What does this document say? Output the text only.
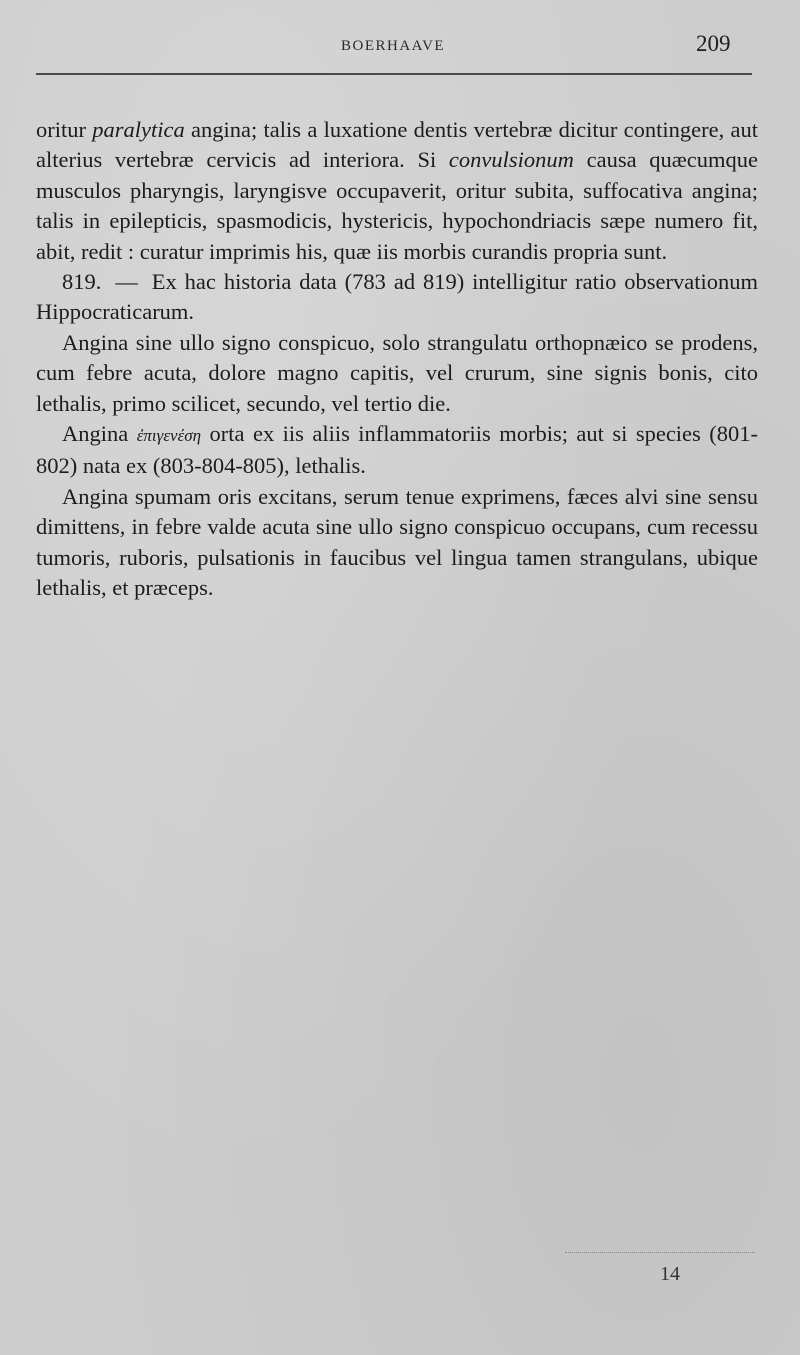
BOERHAAVE	209

oritur paralytica angina; talis a luxatione dentis vertebræ dicitur contingere, aut alterius vertebræ cervicis ad interiora. Si convulsionum causa quæcumque musculos pharyngis, laryngisve occupaverit, oritur subita, suffocativa angina; talis in epilepticis, spasmodicis, hystericis, hypochondriacis sæpe numero fit, abit, redit : curatur imprimis his, quæ iis morbis curandis propria sunt.

819. — Ex hac historia data (783 ad 819) intelligitur ratio observationum Hippocraticarum.

Angina sine ullo signo conspicuo, solo strangulatu orthopnæico se prodens, cum febre acuta, dolore magno capitis, vel crurum, sine signis bonis, cito lethalis, primo scilicet, secundo, vel tertio die.

Angina ἐπιγενέση orta ex iis aliis inflammatoriis morbis; aut si species (801-802) nata ex (803-804-805), lethalis.

Angina spumam oris excitans, serum tenue exprimens, fæces alvi sine sensu dimittens, in febre valde acuta sine ullo signo conspicuo occupans, cum recessu tumoris, ruboris, pulsationis in faucibus vel lingua tamen strangulans, ubique lethalis, et præceps.

14
